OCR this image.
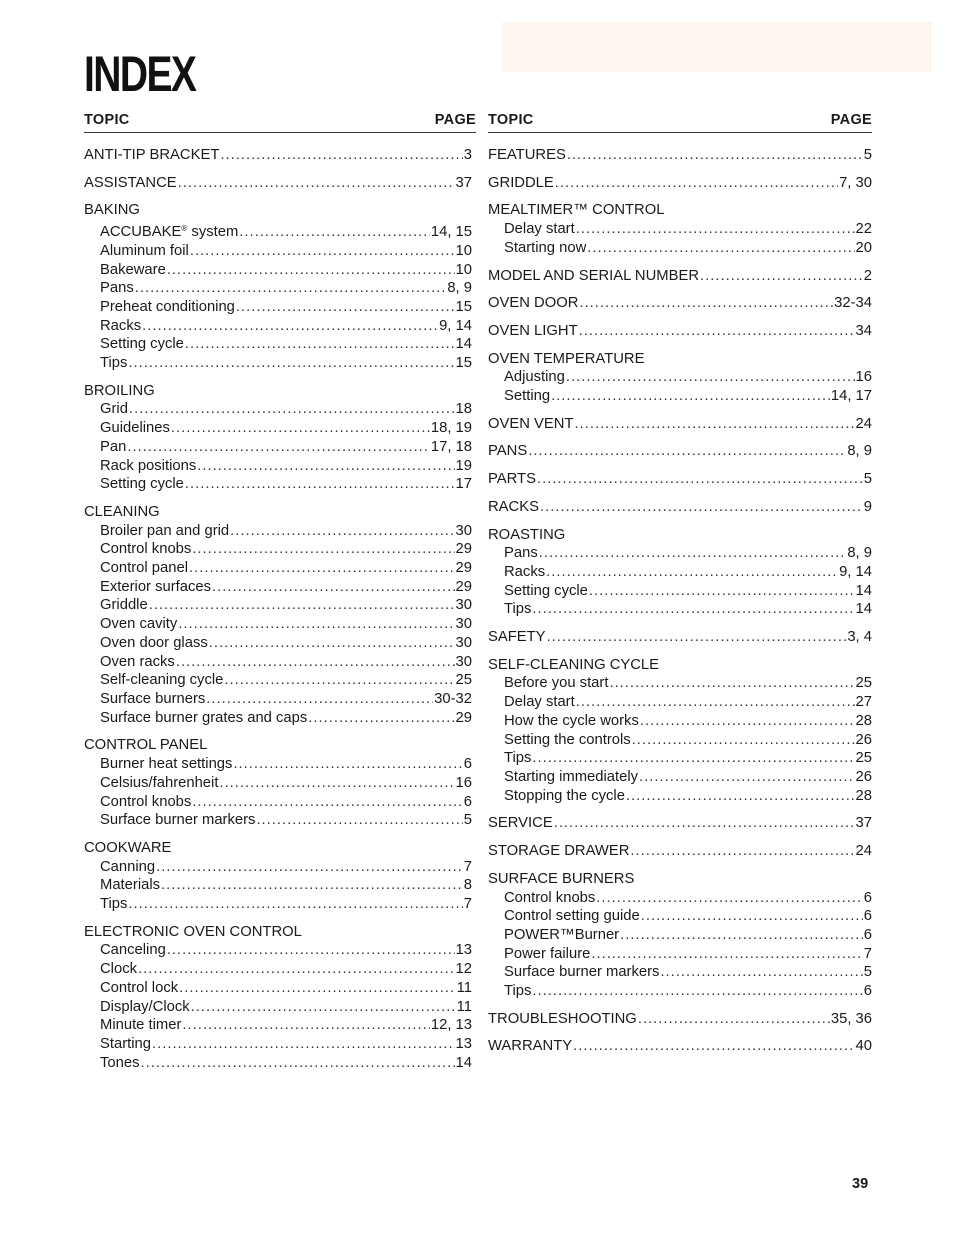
INDEX
TOPIC	PAGE
ANTI-TIP BRACKET .....	3
ASSISTANCE .....	37
BAKING
ACCUBAKE® system .....	14, 15
Aluminum foil .....	10
Bakeware .....	10
Pans .....	8, 9
Preheat conditioning .....	15
Racks .....	9, 14
Setting cycle .....	14
Tips .....	15
BROILING
Grid .....	18
Guidelines .....	18, 19
Pan .....	17, 18
Rack positions .....	19
Setting cycle .....	17
CLEANING
Broiler pan and grid .....	30
Control knobs .....	29
Control panel .....	29
Exterior surfaces .....	29
Griddle .....	30
Oven cavity .....	30
Oven door glass .....	30
Oven racks .....	30
Self-cleaning cycle .....	25
Surface burners .....	30-32
Surface burner grates and caps .....	29
CONTROL PANEL
Burner heat settings .....	6
Celsius/fahrenheit .....	16
Control knobs .....	6
Surface burner markers .....	5
COOKWARE
Canning .....	7
Materials .....	8
Tips .....	7
ELECTRONIC OVEN CONTROL
Canceling .....	13
Clock .....	12
Control lock .....	11
Display/Clock .....	11
Minute timer .....	12, 13
Starting .....	13
Tones .....	14
TOPIC	PAGE
FEATURES .....	5
GRIDDLE .....	7, 30
MEALTIMER™ CONTROL
Delay start .....	22
Starting now .....	20
MODEL AND SERIAL NUMBER .....	2
OVEN DOOR .....	32-34
OVEN LIGHT .....	34
OVEN TEMPERATURE
Adjusting .....	16
Setting .....	14, 17
OVEN VENT .....	24
PANS .....	8, 9
PARTS .....	5
RACKS .....	9
ROASTING
Pans .....	8, 9
Racks .....	9, 14
Setting cycle .....	14
Tips .....	14
SAFETY .....	3, 4
SELF-CLEANING CYCLE
Before you start .....	25
Delay start .....	27
How the cycle works .....	28
Setting the controls .....	26
Tips .....	25
Starting immediately .....	26
Stopping the cycle .....	28
SERVICE .....	37
STORAGE DRAWER .....	24
SURFACE BURNERS
Control knobs .....	6
Control setting guide .....	6
POWER™Burner .....	6
Power failure .....	7
Surface burner markers .....	5
Tips .....	6
TROUBLESHOOTING .....	35, 36
WARRANTY .....	40
39
